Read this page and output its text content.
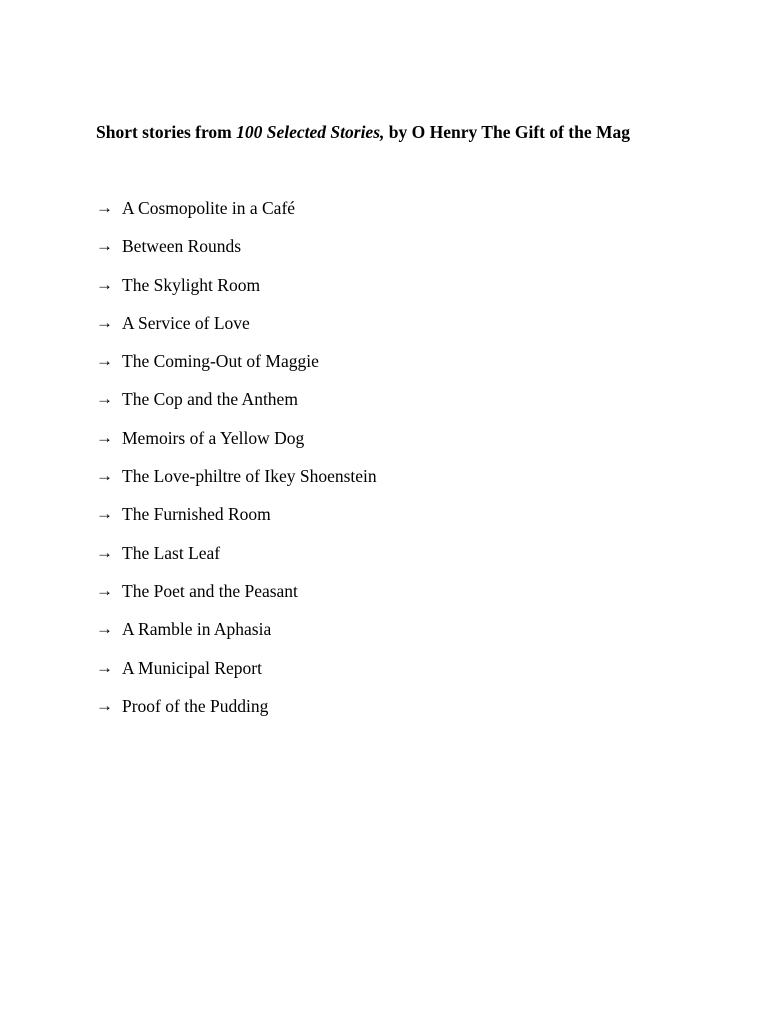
Short stories from 100 Selected Stories, by O Henry The Gift of the Mag
→ A Cosmopolite in a Café
→ Between Rounds
→ The Skylight Room
→ A Service of Love
→ The Coming-Out of Maggie
→ The Cop and the Anthem
→ Memoirs of a Yellow Dog
→ The Love-philtre of Ikey Shoenstein
→ The Furnished Room
→ The Last Leaf
→ The Poet and the Peasant
→ A Ramble in Aphasia
→ A Municipal Report
→ Proof of the Pudding
